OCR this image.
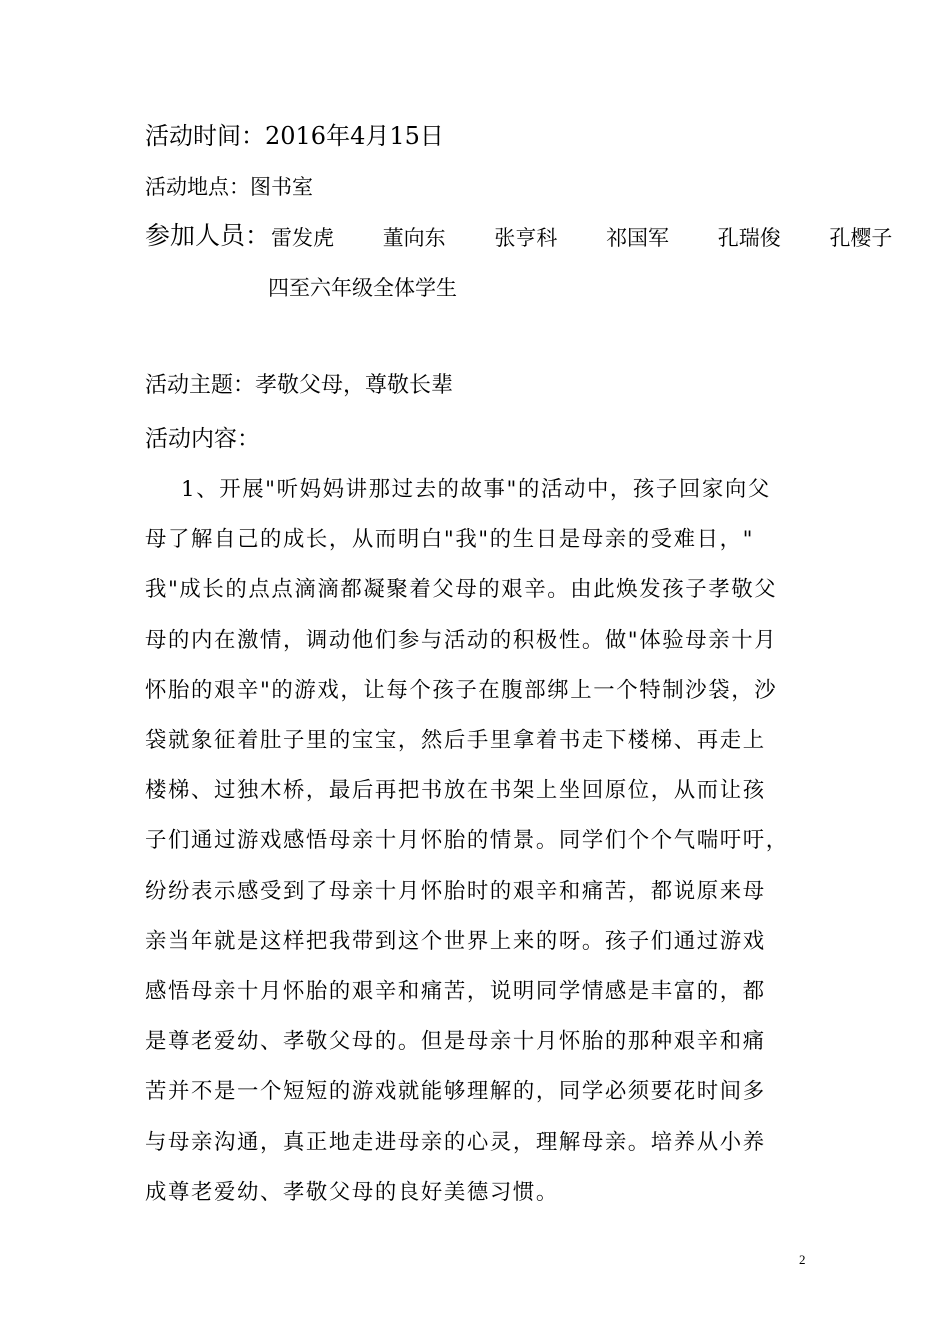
活动时间：2016年4月15日

活动地点：图书室

参加人员： 雷发虎 董向东 张亨科 祁国军 孔瑞俊 孔樱子

四至六年级全体学生

活动主题：孝敬父母，尊敬长辈

活动内容：

1、开展"听妈妈讲那过去的故事"的活动中，孩子回家向父
母了解自己的成长，从而明白"我"的生日是母亲的受难日，"
我"成长的点点滴滴都凝聚着父母的艰辛。由此焕发孩子孝敬父
母的内在激情，调动他们参与活动的积极性。做"体验母亲十月
怀胎的艰辛"的游戏，让每个孩子在腹部绑上一个特制沙袋，沙
袋就象征着肚子里的宝宝，然后手里拿着书走下楼梯、再走上
楼梯、过独木桥，最后再把书放在书架上坐回原位，从而让孩
子们通过游戏感悟母亲十月怀胎的情景。同学们个个气喘吁吁，
纷纷表示感受到了母亲十月怀胎时的艰辛和痛苦，都说原来母
亲当年就是这样把我带到这个世界上来的呀。孩子们通过游戏
感悟母亲十月怀胎的艰辛和痛苦，说明同学情感是丰富的，都
是尊老爱幼、孝敬父母的。但是母亲十月怀胎的那种艰辛和痛
苦并不是一个短短的游戏就能够理解的，同学必须要花时间多
与母亲沟通，真正地走进母亲的心灵，理解母亲。培养从小养
成尊老爱幼、孝敬父母的良好美德习惯。
2
